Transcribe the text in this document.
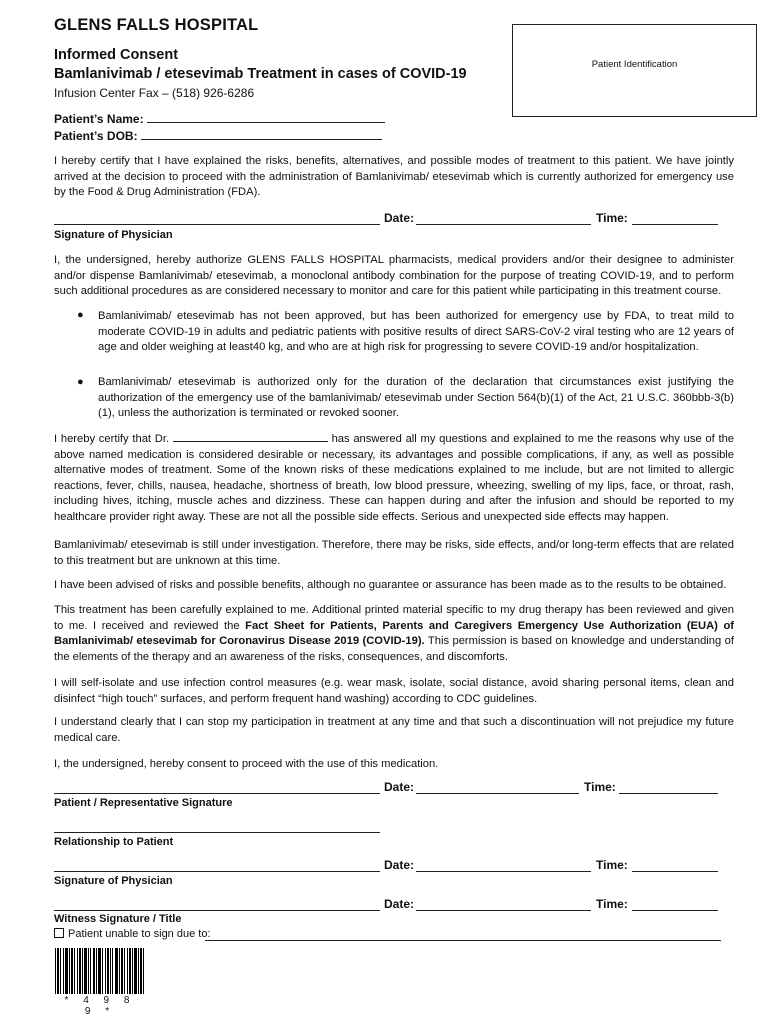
GLENS FALLS HOSPITAL
Informed Consent
Bamlanivimab / etesevimab Treatment in cases of COVID-19
Infusion Center Fax – (518) 926-6286
Patient Identification
Patient’s Name:
Patient’s DOB:
I hereby certify that I have explained the risks, benefits, alternatives, and possible modes of treatment to this patient. We have jointly arrived at the decision to proceed with the administration of Bamlanivimab/ etesevimab which is currently authorized for emergency use by the Food & Drug Administration (FDA).
Date:	Time:
Signature of Physician
I, the undersigned, hereby authorize GLENS FALLS HOSPITAL pharmacists, medical providers and/or their designee to administer and/or dispense Bamlanivimab/ etesevimab, a monoclonal antibody combination for the purpose of treating COVID-19, and to perform such additional procedures as are considered necessary to monitor and care for this patient while participating in this treatment course.
● Bamlanivimab/ etesevimab has not been approved, but has been authorized for emergency use by FDA, to treat mild to moderate COVID-19 in adults and pediatric patients with positive results of direct SARS-CoV-2 viral testing who are 12 years of age and older weighing at least40 kg, and who are at high risk for progressing to severe COVID-19 and/or hospitalization.
● Bamlanivimab/ etesevimab is authorized only for the duration of the declaration that circumstances exist justifying the authorization of the emergency use of the bamlanivimab/ etesevimab under Section 564(b)(1) of the Act, 21 U.S.C. 360bbb-3(b)(1), unless the authorization is terminated or revoked sooner.
I hereby certify that Dr.	has answered all my questions and explained to me the reasons why use of the above named medication is considered desirable or necessary, its advantages and possible complications, if any, as well as possible alternative modes of treatment. Some of the known risks of these medications explained to me include, but are not limited to allergic reactions, fever, chills, nausea, headache, shortness of breath, low blood pressure, wheezing, swelling of my lips, face, or throat, rash, including hives, itching, muscle aches and dizziness. These can happen during and after the infusion and should be reported to my healthcare provider right away. These are not all the possible side effects. Serious and unexpected side effects may happen.
Bamlanivimab/ etesevimab is still under investigation. Therefore, there may be risks, side effects, and/or long-term effects that are related to this treatment but are unknown at this time.
I have been advised of risks and possible benefits, although no guarantee or assurance has been made as to the results to be obtained.
This treatment has been carefully explained to me. Additional printed material specific to my drug therapy has been reviewed and given to me. I received and reviewed the Fact Sheet for Patients, Parents and Caregivers Emergency Use Authorization (EUA) of Bamlanivimab/ etesevimab for Coronavirus Disease 2019 (COVID-19). This permission is based on knowledge and understanding of the elements of the therapy and an awareness of the risks, consequences, and discomforts.
I will self-isolate and use infection control measures (e.g. wear mask, isolate, social distance, avoid sharing personal items, clean and disinfect “high touch” surfaces, and perform frequent hand washing) according to CDC guidelines.
I understand clearly that I can stop my participation in treatment at any time and that such a discontinuation will not prejudice my future medical care.
I, the undersigned, hereby consent to proceed with the use of this medication.
Date:	Time:
Patient / Representative Signature
Relationship to Patient
Date:	Time:
Signature of Physician
Date:	Time:
Witness Signature / Title
Patient unable to sign due to:
* 4 9 8 9 *
